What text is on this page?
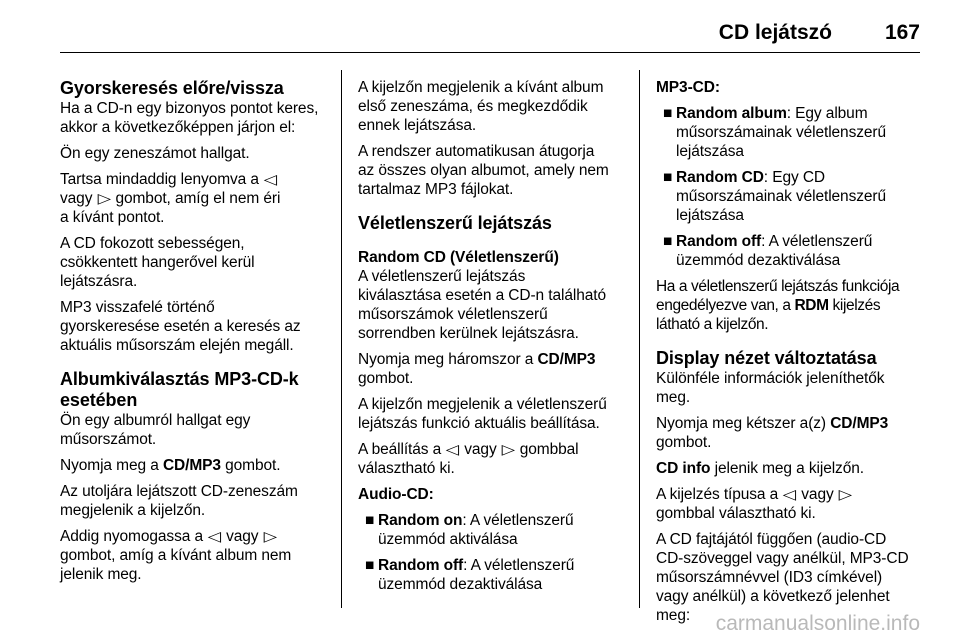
CD lejátszó	167
Gyorskeresés előre/vissza

Ha a CD-n egy bizonyos pontot keres,
akkor a következőképpen járjon el:

Ön egy zeneszámot hallgat.

Tartsa mindaddig lenyomva a ◁
vagy ▷ gombot, amíg el nem éri
a kívánt pontot.

A CD fokozott sebességen,
csökkentett hangerővel kerül
lejátszásra.

MP3 visszafelé történő
gyorskeresése esetén a keresés az
aktuális műsorszám elején megáll.

Albumkiválasztás MP3-CD-k
esetében

Ön egy albumról hallgat egy
műsorszámot.

Nyomja meg a CD/MP3 gombot.

Az utoljára lejátszott CD-zeneszám
megjelenik a kijelzőn.

Addig nyomogassa a ◁ vagy ▷
gombot, amíg a kívánt album nem
jelenik meg.

A kijelzőn megjelenik a kívánt album
első zeneszáma, és megkezdődik
ennek lejátszása.

A rendszer automatikusan átugorja
az összes olyan albumot, amely nem
tartalmaz MP3 fájlokat.

Véletlenszerű lejátszás
Random CD (Véletlenszerű)

A véletlenszerű lejátszás
kiválasztása esetén a CD-n található
műsorszámok véletlenszerű
sorrendben kerülnek lejátszásra.

Nyomja meg háromszor a CD/MP3
gombot.

A kijelzőn megjelenik a véletlenszerű
lejátszás funkció aktuális beállítása.

A beállítás a ◁ vagy ▷ gombbal
választható ki.

Audio-CD:
■ Random on: A véletlenszerű
üzemmód aktiválása
■ Random off: A véletlenszerű
üzemmód dezaktiválása
MP3-CD:
■ Random album: Egy album
műsorszámainak véletlenszerű
lejátszása
■ Random CD: Egy CD
műsorszámainak véletlenszerű
lejátszása
■ Random off: A véletlenszerű
üzemmód dezaktiválása

Ha a véletlenszerű lejátszás funkciója
engedélyezve van, a RDM kijelzés
látható a kijelzőn.

Display nézet változtatása

Különféle információk jeleníthetők
meg.

Nyomja meg kétszer a(z) CD/MP3
gombot.

CD info jelenik meg a kijelzőn.

A kijelzés típusa a ◁ vagy ▷
gombbal választható ki.

A CD fajtájától függően (audio-CD
CD-szöveggel vagy anélkül, MP3-CD
műsorszámnévvel (ID3 címkével)
vagy anélkül) a következő jelenhet
meg:	carmanualsonline.info
